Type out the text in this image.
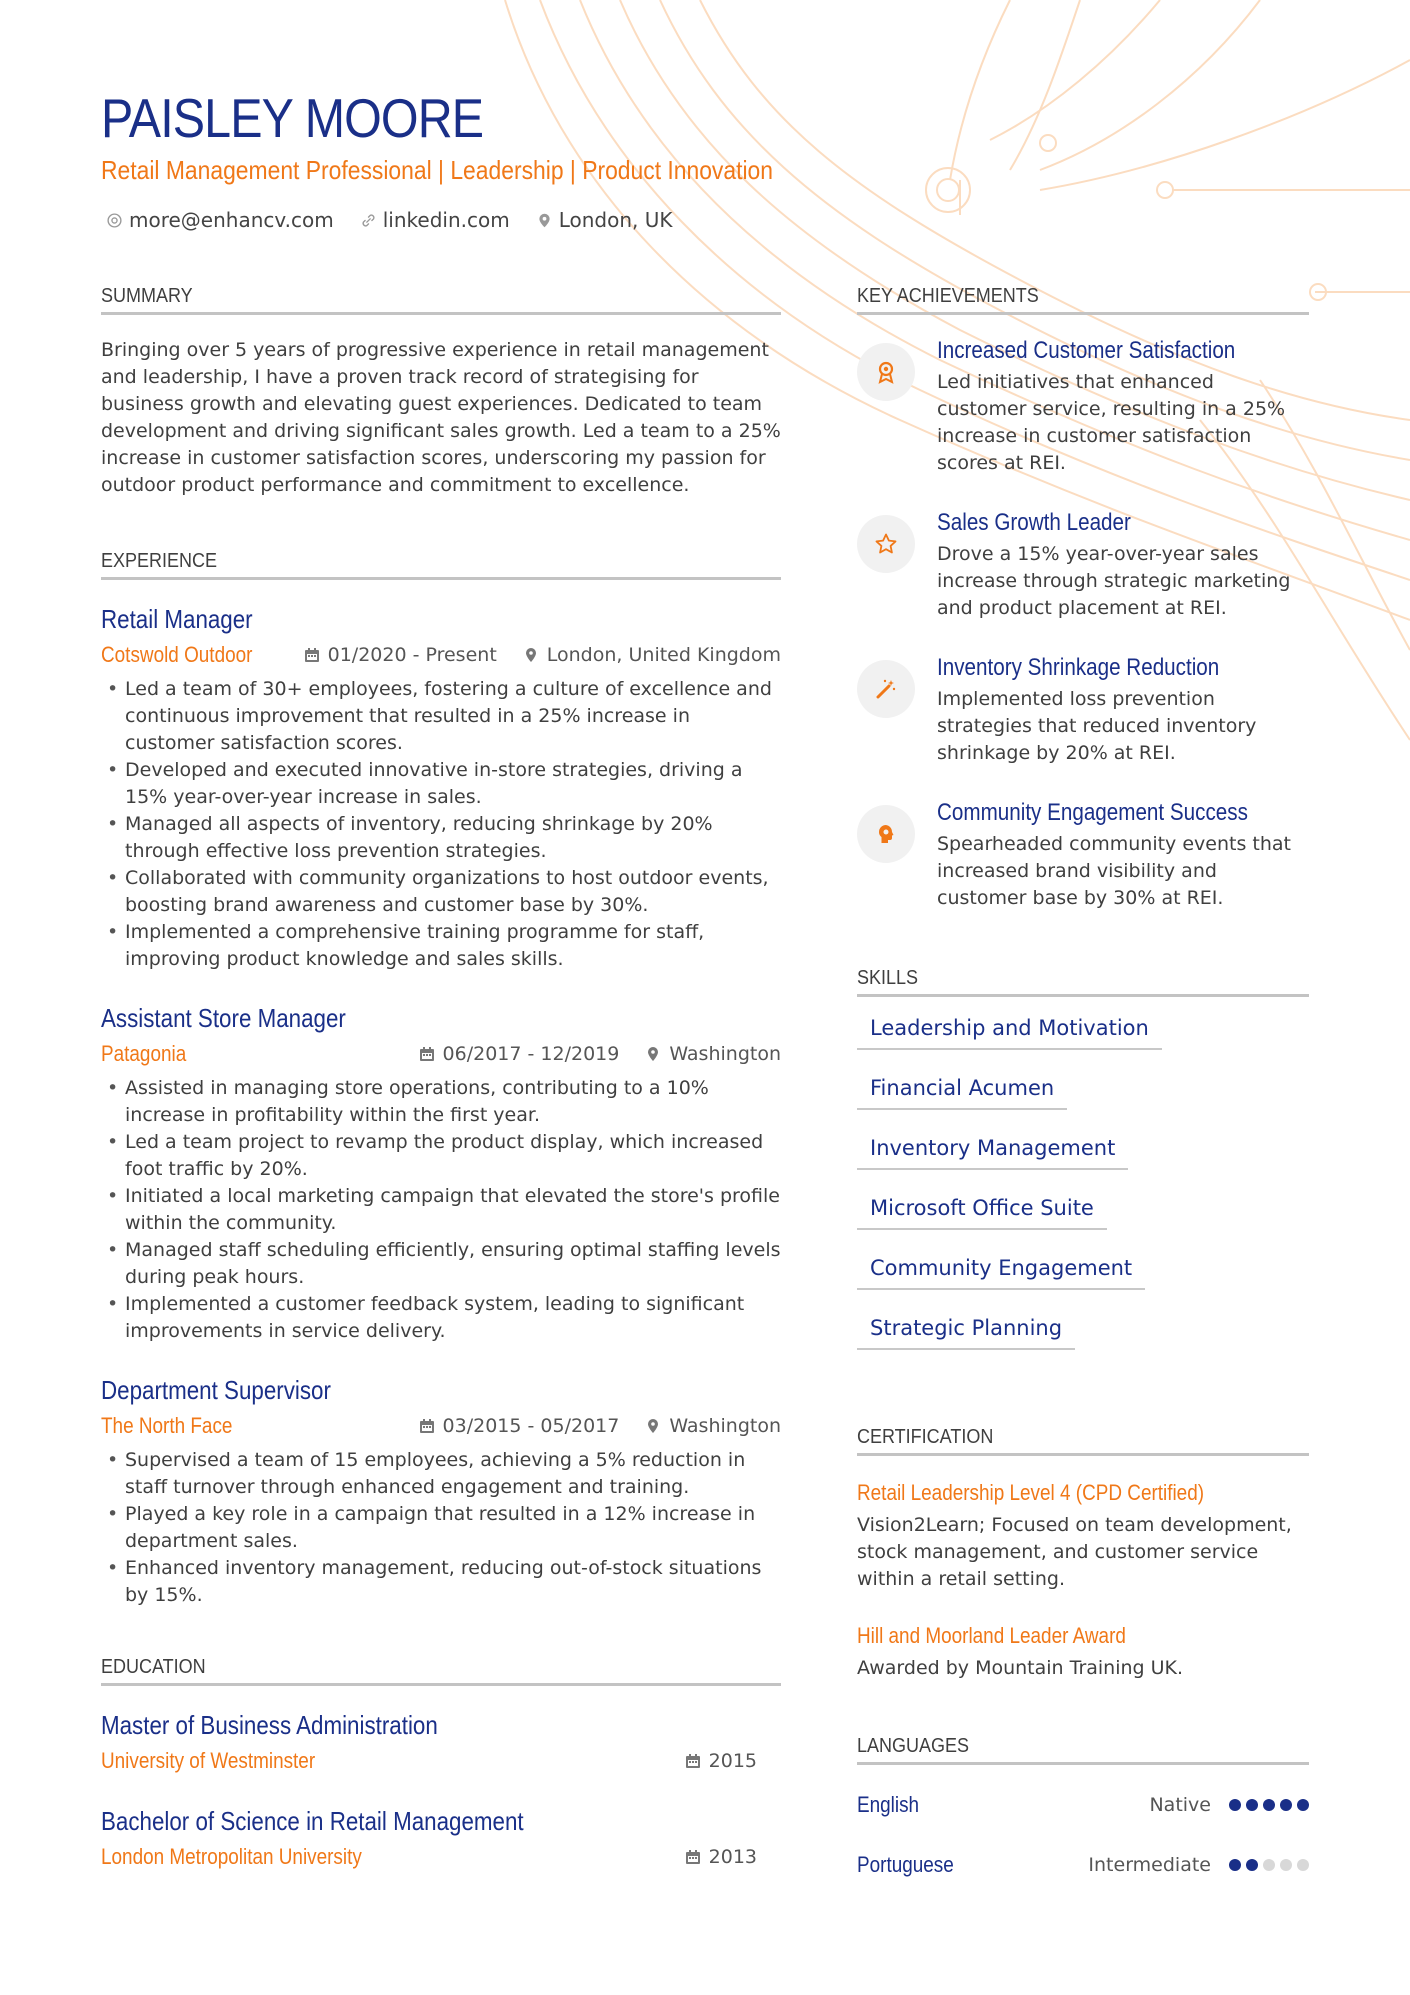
PAISLEY MOORE
Retail Management Professional | Leadership | Product Innovation
more@enhancv.com linkedin.com London, UK
SUMMARY
Bringing over 5 years of progressive experience in retail management and leadership, I have a proven track record of strategising for business growth and elevating guest experiences. Dedicated to team development and driving significant sales growth. Led a team to a 25% increase in customer satisfaction scores, underscoring my passion for outdoor product performance and commitment to excellence.
EXPERIENCE
Retail Manager
Cotswold Outdoor	01/2020 - Present	London, United Kingdom
• Led a team of 30+ employees, fostering a culture of excellence and continuous improvement that resulted in a 25% increase in customer satisfaction scores.
• Developed and executed innovative in-store strategies, driving a 15% year-over-year increase in sales.
• Managed all aspects of inventory, reducing shrinkage by 20% through effective loss prevention strategies.
• Collaborated with community organizations to host outdoor events, boosting brand awareness and customer base by 30%.
• Implemented a comprehensive training programme for staff, improving product knowledge and sales skills.
Assistant Store Manager
Patagonia	06/2017 - 12/2019	Washington
• Assisted in managing store operations, contributing to a 10% increase in profitability within the first year.
• Led a team project to revamp the product display, which increased foot traffic by 20%.
• Initiated a local marketing campaign that elevated the store's profile within the community.
• Managed staff scheduling efficiently, ensuring optimal staffing levels during peak hours.
• Implemented a customer feedback system, leading to significant improvements in service delivery.
Department Supervisor
The North Face	03/2015 - 05/2017	Washington
• Supervised a team of 15 employees, achieving a 5% reduction in staff turnover through enhanced engagement and training.
• Played a key role in a campaign that resulted in a 12% increase in department sales.
• Enhanced inventory management, reducing out-of-stock situations by 15%.
EDUCATION
Master of Business Administration
University of Westminster	2015
Bachelor of Science in Retail Management
London Metropolitan University	2013
KEY ACHIEVEMENTS
Increased Customer Satisfaction
Led initiatives that enhanced customer service, resulting in a 25% increase in customer satisfaction scores at REI.
Sales Growth Leader
Drove a 15% year-over-year sales increase through strategic marketing and product placement at REI.
Inventory Shrinkage Reduction
Implemented loss prevention strategies that reduced inventory shrinkage by 20% at REI.
Community Engagement Success
Spearheaded community events that increased brand visibility and customer base by 30% at REI.
SKILLS
Leadership and Motivation
Financial Acumen
Inventory Management
Microsoft Office Suite
Community Engagement
Strategic Planning
CERTIFICATION
Retail Leadership Level 4 (CPD Certified)
Vision2Learn; Focused on team development, stock management, and customer service within a retail setting.
Hill and Moorland Leader Award
Awarded by Mountain Training UK.
LANGUAGES
English	Native
Portuguese	Intermediate
